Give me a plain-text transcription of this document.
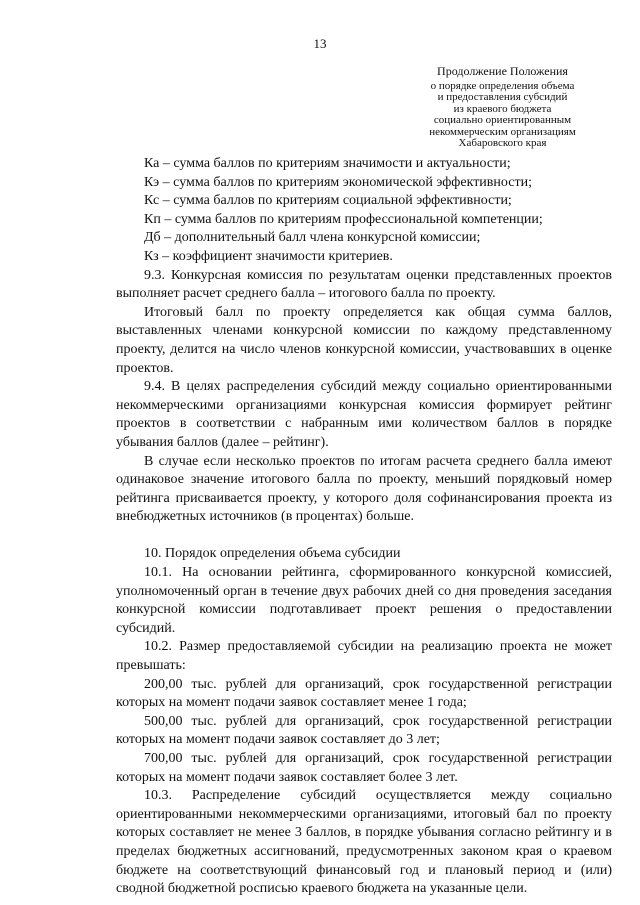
13
Продолжение Положения
о порядке определения объема
и предоставления субсидий
из краевого бюджета
социально ориентированным
некоммерческим организациям
Хабаровского края

Ка – сумма баллов по критериям значимости и актуальности;

Кэ – сумма баллов по критериям экономической эффективности;

Кс – сумма баллов по критериям социальной эффективности;

Кп – сумма баллов по критериям профессиональной компетенции;

Дб – дополнительный балл члена конкурсной комиссии;

Кз – коэффициент значимости критериев.

9.3. Конкурсная комиссия по результатам оценки представленных проектов выполняет расчет среднего балла – итогового балла по проекту.

Итоговый балл по проекту определяется как общая сумма баллов, выставленных членами конкурсной комиссии по каждому представленному проекту, делится на число членов конкурсной комиссии, участвовавших в оценке проектов.

9.4. В целях распределения субсидий между социально ориентированными некоммерческими организациями конкурсная комиссия формирует рейтинг проектов в соответствии с набранным ими количеством баллов в порядке убывания баллов (далее – рейтинг).

В случае если несколько проектов по итогам расчета среднего балла имеют одинаковое значение итогового балла по проекту, меньший порядковый номер рейтинга присваивается проекту, у которого доля софинансирования проекта из внебюджетных источников (в процентах) больше.

10. Порядок определения объема субсидии

10.1. На основании рейтинга, сформированного конкурсной комиссией, уполномоченный орган в течение двух рабочих дней со дня проведения заседания конкурсной комиссии подготавливает проект решения о предоставлении субсидий.

10.2. Размер предоставляемой субсидии на реализацию проекта не может превышать:

200,00 тыс. рублей для организаций, срок государственной регистрации которых на момент подачи заявок составляет менее 1 года;

500,00 тыс. рублей для организаций, срок государственной регистрации которых на момент подачи заявок составляет до 3 лет;

700,00 тыс. рублей для организаций, срок государственной регистрации которых на момент подачи заявок составляет более 3 лет.

10.3. Распределение субсидий осуществляется между социально ориентированными некоммерческими организациями, итоговый бал по проекту которых составляет не менее 3 баллов, в порядке убывания согласно рейтингу и в пределах бюджетных ассигнований, предусмотренных законом края о краевом бюджете на соответствующий финансовый год и плановый период и (или) сводной бюджетной росписью краевого бюджета на указанные цели.
